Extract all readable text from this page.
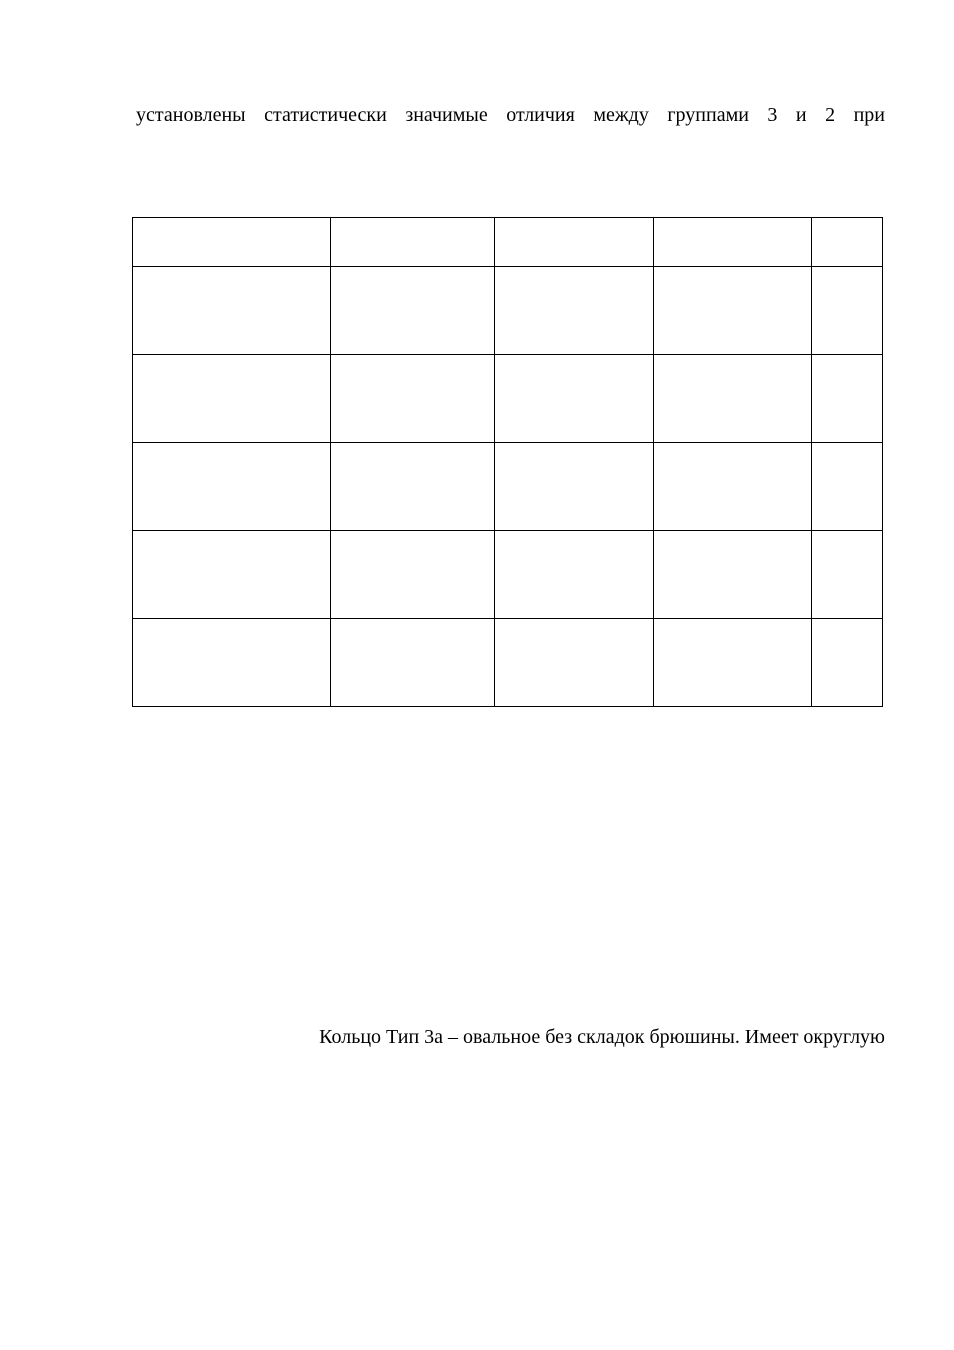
установлены статистически значимые отличия между группами 3 и 2 при

Кольцо Тип 3а – овальное без складок брюшины. Имеет округлую
